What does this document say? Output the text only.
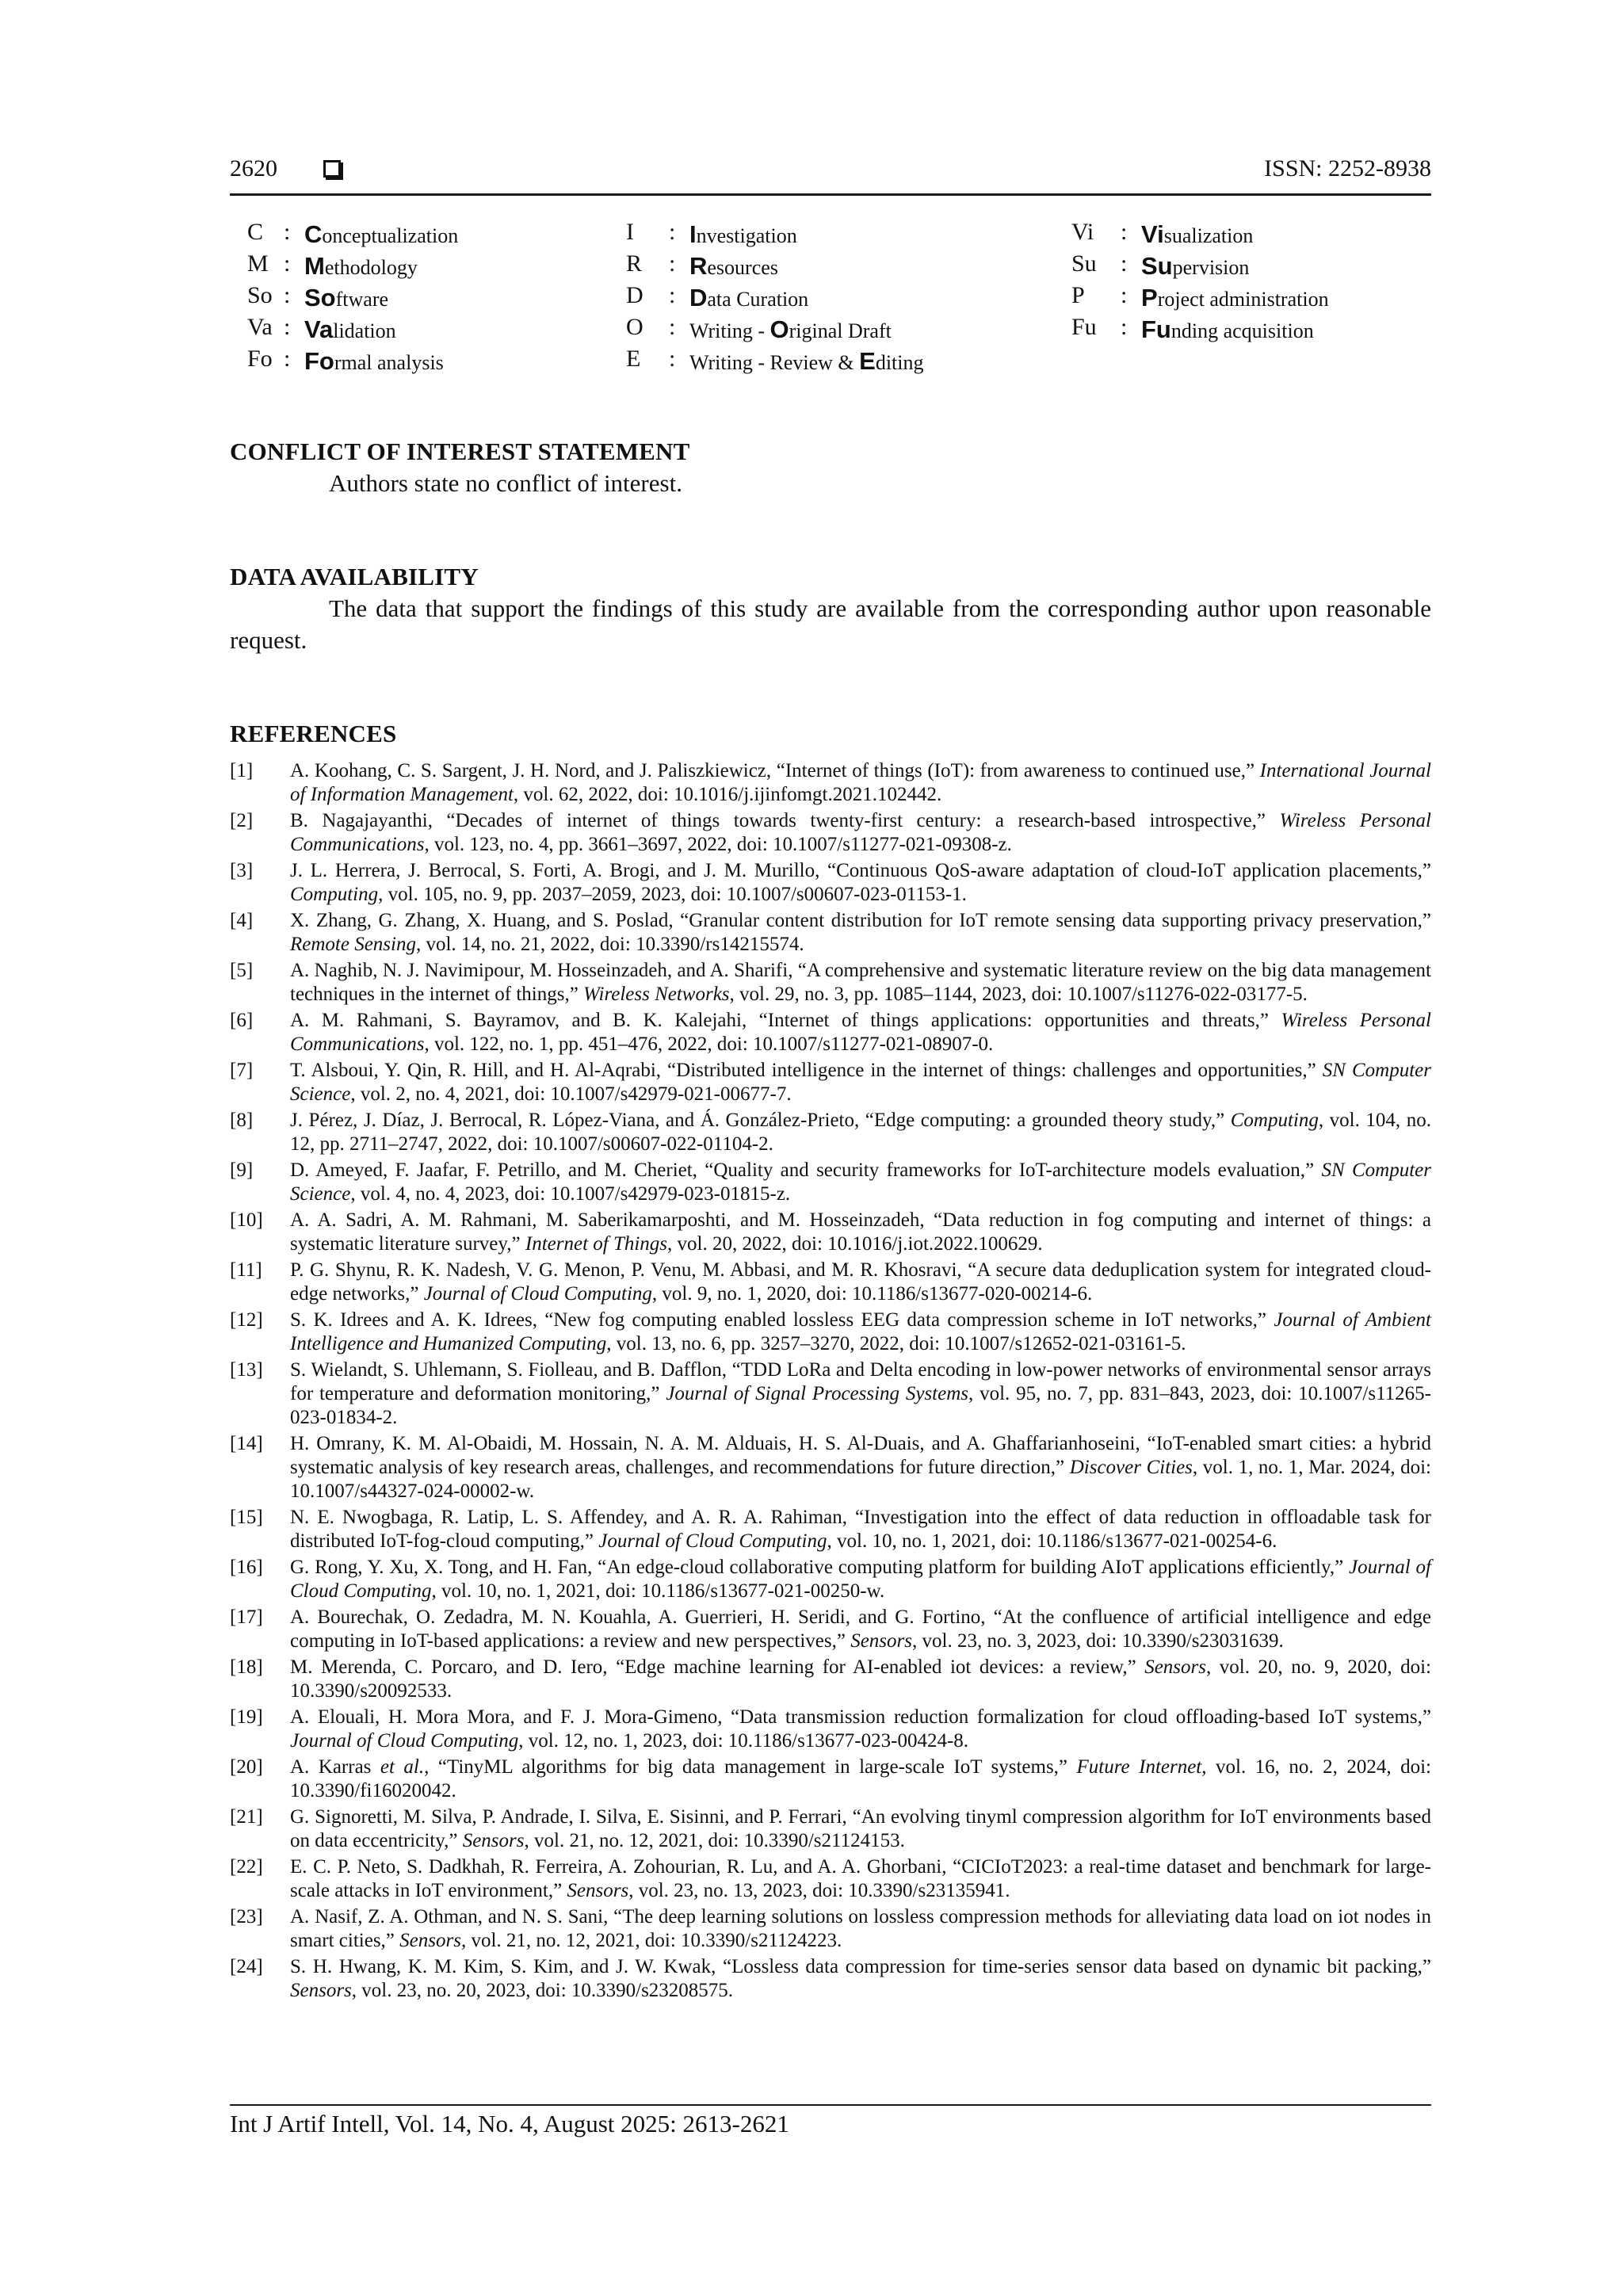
2620	ISSN: 2252-8938
C : Conceptualization
M : Methodology
So : Software
Va : Validation
Fo : Formal analysis
I : Investigation
R : Resources
D : Data Curation
O : Writing - Original Draft
E : Writing - Review & Editing
Vi : Visualization
Su : Supervision
P : Project administration
Fu : Funding acquisition
CONFLICT OF INTEREST STATEMENT
Authors state no conflict of interest.
DATA AVAILABILITY
The data that support the findings of this study are available from the corresponding author upon reasonable request.
REFERENCES
[1] A. Koohang, C. S. Sargent, J. H. Nord, and J. Paliszkiewicz, “Internet of things (IoT): from awareness to continued use,” International Journal of Information Management, vol. 62, 2022, doi: 10.1016/j.ijinfomgt.2021.102442.
[2] B. Nagajayanthi, “Decades of internet of things towards twenty-first century: a research-based introspective,” Wireless Personal Communications, vol. 123, no. 4, pp. 3661–3697, 2022, doi: 10.1007/s11277-021-09308-z.
[3] J. L. Herrera, J. Berrocal, S. Forti, A. Brogi, and J. M. Murillo, “Continuous QoS-aware adaptation of cloud-IoT application placements,” Computing, vol. 105, no. 9, pp. 2037–2059, 2023, doi: 10.1007/s00607-023-01153-1.
[4] X. Zhang, G. Zhang, X. Huang, and S. Poslad, “Granular content distribution for IoT remote sensing data supporting privacy preservation,” Remote Sensing, vol. 14, no. 21, 2022, doi: 10.3390/rs14215574.
[5] A. Naghib, N. J. Navimipour, M. Hosseinzadeh, and A. Sharifi, “A comprehensive and systematic literature review on the big data management techniques in the internet of things,” Wireless Networks, vol. 29, no. 3, pp. 1085–1144, 2023, doi: 10.1007/s11276-022-03177-5.
[6] A. M. Rahmani, S. Bayramov, and B. K. Kalejahi, “Internet of things applications: opportunities and threats,” Wireless Personal Communications, vol. 122, no. 1, pp. 451–476, 2022, doi: 10.1007/s11277-021-08907-0.
[7] T. Alsboui, Y. Qin, R. Hill, and H. Al-Aqrabi, “Distributed intelligence in the internet of things: challenges and opportunities,” SN Computer Science, vol. 2, no. 4, 2021, doi: 10.1007/s42979-021-00677-7.
[8] J. Pérez, J. Díaz, J. Berrocal, R. López-Viana, and Á. González-Prieto, “Edge computing: a grounded theory study,” Computing, vol. 104, no. 12, pp. 2711–2747, 2022, doi: 10.1007/s00607-022-01104-2.
[9] D. Ameyed, F. Jaafar, F. Petrillo, and M. Cheriet, “Quality and security frameworks for IoT-architecture models evaluation,” SN Computer Science, vol. 4, no. 4, 2023, doi: 10.1007/s42979-023-01815-z.
[10] A. A. Sadri, A. M. Rahmani, M. Saberikamarposhti, and M. Hosseinzadeh, “Data reduction in fog computing and internet of things: a systematic literature survey,” Internet of Things, vol. 20, 2022, doi: 10.1016/j.iot.2022.100629.
[11] P. G. Shynu, R. K. Nadesh, V. G. Menon, P. Venu, M. Abbasi, and M. R. Khosravi, “A secure data deduplication system for integrated cloud-edge networks,” Journal of Cloud Computing, vol. 9, no. 1, 2020, doi: 10.1186/s13677-020-00214-6.
[12] S. K. Idrees and A. K. Idrees, “New fog computing enabled lossless EEG data compression scheme in IoT networks,” Journal of Ambient Intelligence and Humanized Computing, vol. 13, no. 6, pp. 3257–3270, 2022, doi: 10.1007/s12652-021-03161-5.
[13] S. Wielandt, S. Uhlemann, S. Fiolleau, and B. Dafflon, “TDD LoRa and Delta encoding in low-power networks of environmental sensor arrays for temperature and deformation monitoring,” Journal of Signal Processing Systems, vol. 95, no. 7, pp. 831–843, 2023, doi: 10.1007/s11265-023-01834-2.
[14] H. Omrany, K. M. Al-Obaidi, M. Hossain, N. A. M. Alduais, H. S. Al-Duais, and A. Ghaffarianhoseini, “IoT-enabled smart cities: a hybrid systematic analysis of key research areas, challenges, and recommendations for future direction,” Discover Cities, vol. 1, no. 1, Mar. 2024, doi: 10.1007/s44327-024-00002-w.
[15] N. E. Nwogbaga, R. Latip, L. S. Affendey, and A. R. A. Rahiman, “Investigation into the effect of data reduction in offloadable task for distributed IoT-fog-cloud computing,” Journal of Cloud Computing, vol. 10, no. 1, 2021, doi: 10.1186/s13677-021-00254-6.
[16] G. Rong, Y. Xu, X. Tong, and H. Fan, “An edge-cloud collaborative computing platform for building AIoT applications efficiently,” Journal of Cloud Computing, vol. 10, no. 1, 2021, doi: 10.1186/s13677-021-00250-w.
[17] A. Bourechak, O. Zedadra, M. N. Kouahla, A. Guerrieri, H. Seridi, and G. Fortino, “At the confluence of artificial intelligence and edge computing in IoT-based applications: a review and new perspectives,” Sensors, vol. 23, no. 3, 2023, doi: 10.3390/s23031639.
[18] M. Merenda, C. Porcaro, and D. Iero, “Edge machine learning for AI-enabled iot devices: a review,” Sensors, vol. 20, no. 9, 2020, doi: 10.3390/s20092533.
[19] A. Elouali, H. Mora Mora, and F. J. Mora-Gimeno, “Data transmission reduction formalization for cloud offloading-based IoT systems,” Journal of Cloud Computing, vol. 12, no. 1, 2023, doi: 10.1186/s13677-023-00424-8.
[20] A. Karras et al., “TinyML algorithms for big data management in large-scale IoT systems,” Future Internet, vol. 16, no. 2, 2024, doi: 10.3390/fi16020042.
[21] G. Signoretti, M. Silva, P. Andrade, I. Silva, E. Sisinni, and P. Ferrari, “An evolving tinyml compression algorithm for IoT environments based on data eccentricity,” Sensors, vol. 21, no. 12, 2021, doi: 10.3390/s21124153.
[22] E. C. P. Neto, S. Dadkhah, R. Ferreira, A. Zohourian, R. Lu, and A. A. Ghorbani, “CICIoT2023: a real-time dataset and benchmark for large-scale attacks in IoT environment,” Sensors, vol. 23, no. 13, 2023, doi: 10.3390/s23135941.
[23] A. Nasif, Z. A. Othman, and N. S. Sani, “The deep learning solutions on lossless compression methods for alleviating data load on iot nodes in smart cities,” Sensors, vol. 21, no. 12, 2021, doi: 10.3390/s21124223.
[24] S. H. Hwang, K. M. Kim, S. Kim, and J. W. Kwak, “Lossless data compression for time-series sensor data based on dynamic bit packing,” Sensors, vol. 23, no. 20, 2023, doi: 10.3390/s23208575.
Int J Artif Intell, Vol. 14, No. 4, August 2025: 2613-2621
